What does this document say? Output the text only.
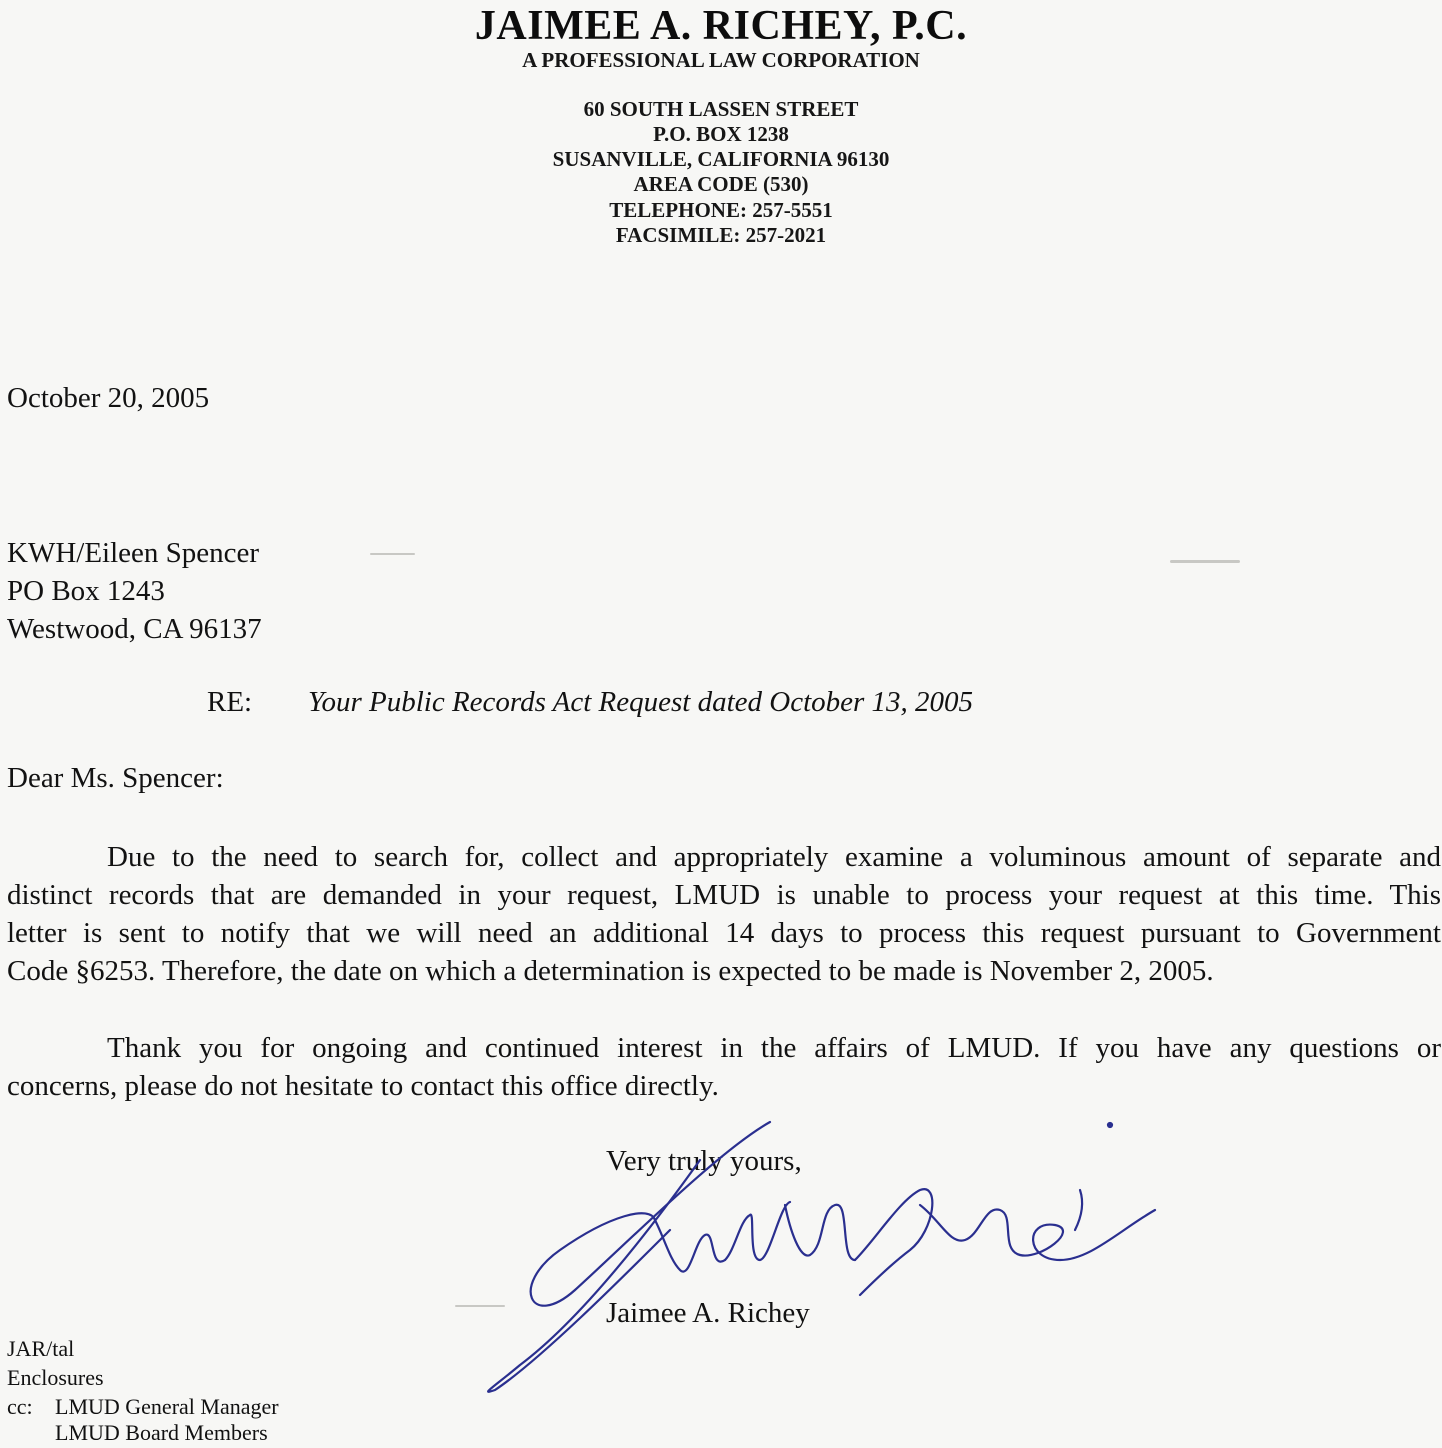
JAIMEE A. RICHEY, P.C.
A PROFESSIONAL LAW CORPORATION
60 SOUTH LASSEN STREET
P.O. BOX 1238
SUSANVILLE, CALIFORNIA 96130
AREA CODE (530)
TELEPHONE: 257-5551
FACSIMILE: 257-2021
October 20, 2005
KWH/Eileen Spencer
PO Box 1243
Westwood, CA 96137
RE: Your Public Records Act Request dated October 13, 2005
Dear Ms. Spencer:
Due to the need to search for, collect and appropriately examine a voluminous amount of separate and
distinct records that are demanded in your request, LMUD is unable to process your request at this time. This
letter is sent to notify that we will need an additional 14 days to process this request pursuant to Government
Code §6253. Therefore, the date on which a determination is expected to be made is November 2, 2005.
Thank you for ongoing and continued interest in the affairs of LMUD. If you have any questions or
concerns, please do not hesitate to contact this office directly.
Very truly yours,
Jaimee A. Richey
JAR/tal
Enclosures
cc: LMUD General Manager
LMUD Board Members
